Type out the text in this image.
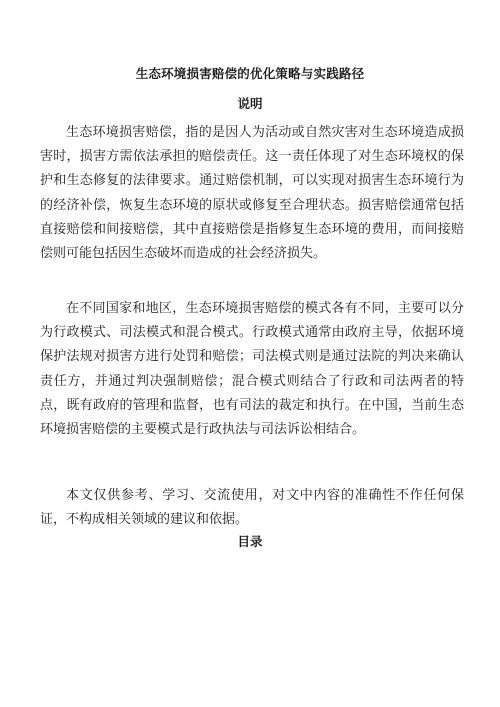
生态环境损害赔偿的优化策略与实践路径
说明

生态环境损害赔偿，指的是因人为活动或自然灾害对生态环境造成损害时，损害方需依法承担的赔偿责任。这一责任体现了对生态环境权的保护和生态修复的法律要求。通过赔偿机制，可以实现对损害生态环境行为的经济补偿，恢复生态环境的原状或修复至合理状态。损害赔偿通常包括直接赔偿和间接赔偿，其中直接赔偿是指修复生态环境的费用，而间接赔偿则可能包括因生态破坏而造成的社会经济损失。

在不同国家和地区，生态环境损害赔偿的模式各有不同，主要可以分为行政模式、司法模式和混合模式。行政模式通常由政府主导，依据环境保护法规对损害方进行处罚和赔偿；司法模式则是通过法院的判决来确认责任方，并通过判决强制赔偿；混合模式则结合了行政和司法两者的特点，既有政府的管理和监督，也有司法的裁定和执行。在中国，当前生态环境损害赔偿的主要模式是行政执法与司法诉讼相结合。

本文仅供参考、学习、交流使用，对文中内容的准确性不作任何保证，不构成相关领域的建议和依据。

目录
